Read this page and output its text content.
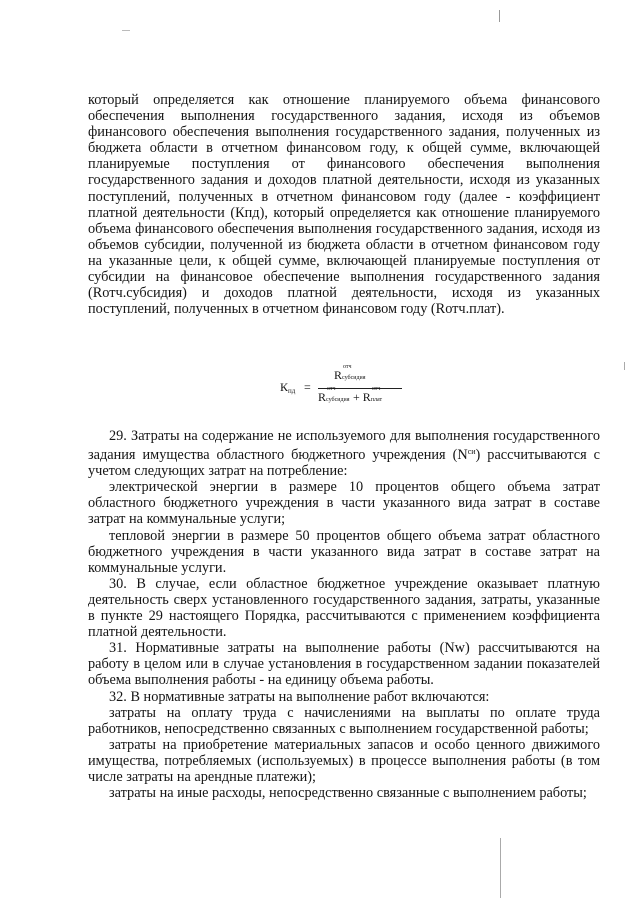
который определяется как отношение планируемого объема финансового обеспечения выполнения государственного задания, исходя из объемов финансового обеспечения выполнения государственного задания, полученных из бюджета области в отчетном финансовом году, к общей сумме, включающей планируемые поступления от финансового обеспечения выполнения государственного задания и доходов платной деятельности, исходя из указанных поступлений, полученных в отчетном финансовом году (далее - коэффициент платной деятельности (Кпд), который определяется как отношение планируемого объема финансового обеспечения выполнения государственного задания, исходя из объемов субсидии, полученной из бюджета области в отчетном финансовом году на указанные цели, к общей сумме, включающей планируемые поступления от субсидии на финансовое обеспечение выполнения государственного задания (Rотч.субсидия) и доходов платной деятельности, исходя из указанных поступлений, полученных в отчетном финансовом году (Rотч.плат).

$К_{пд}$ =
R
отч
субсидия
R
отч
субсидия + R
отч
плат

29. Затраты на содержание не используемого для выполнения государственного задания имущества областного бюджетного учреждения $(N^{си})$ рассчитываются с учетом следующих затрат на потребление:

электрической энергии в размере 10 процентов общего объема затрат областного бюджетного учреждения в части указанного вида затрат в составе затрат на коммунальные услуги;

тепловой энергии в размере 50 процентов общего объема затрат областного бюджетного учреждения в части указанного вида затрат в составе затрат на коммунальные услуги.

30. В случае, если областное бюджетное учреждение оказывает платную деятельность сверх установленного государственного задания, затраты, указанные в пункте 29 настоящего Порядка, рассчитываются с применением коэффициента платной деятельности.

31. Нормативные затраты на выполнение работы (Nw) рассчитываются на работу в целом или в случае установления в государственном задании показателей объема выполнения работы - на единицу объема работы.

32. В нормативные затраты на выполнение работ включаются:

затраты на оплату труда с начислениями на выплаты по оплате труда работников, непосредственно связанных с выполнением государственной работы;

затраты на приобретение материальных запасов и особо ценного движимого имущества, потребляемых (используемых) в процессе выполнения работы (в том числе затраты на арендные платежи);

затраты на иные расходы, непосредственно связанные с выполнением работы;
